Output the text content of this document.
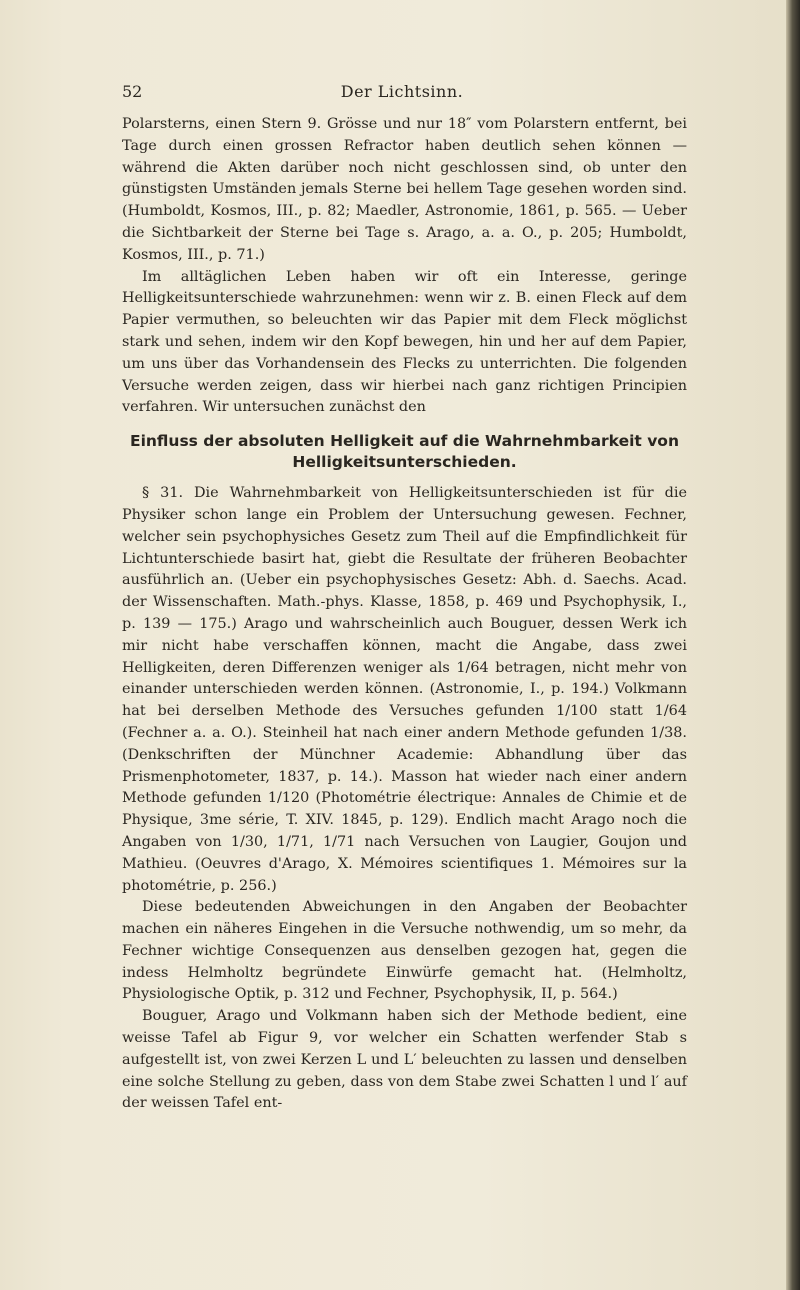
52	Der Lichtsinn.

Polarsterns, einen Stern 9. Grösse und nur 18″ vom Polarstern entfernt, bei Tage durch einen grossen Refractor haben deutlich sehen können — während die Akten darüber noch nicht geschlossen sind, ob unter den günstigsten Umständen jemals Sterne bei hellem Tage gesehen worden sind. (Humboldt, Kosmos, III., p. 82; Maedler, Astronomie, 1861, p. 565. — Ueber die Sichtbarkeit der Sterne bei Tage s. Arago, a. a. O., p. 205; Humboldt, Kosmos, III., p. 71.)

Im alltäglichen Leben haben wir oft ein Interesse, geringe Helligkeitsunterschiede wahrzunehmen: wenn wir z. B. einen Fleck auf dem Papier vermuthen, so beleuchten wir das Papier mit dem Fleck möglichst stark und sehen, indem wir den Kopf bewegen, hin und her auf dem Papier, um uns über das Vorhandensein des Flecks zu unterrichten. Die folgenden Versuche werden zeigen, dass wir hierbei nach ganz richtigen Principien verfahren. Wir untersuchen zunächst den

Einfluss der absoluten Helligkeit auf die Wahrnehmbarkeit von Helligkeitsunterschieden.

§ 31. Die Wahrnehmbarkeit von Helligkeitsunterschieden ist für die Physiker schon lange ein Problem der Untersuchung gewesen. Fechner, welcher sein psychophysiches Gesetz zum Theil auf die Empfindlichkeit für Lichtunterschiede basirt hat, giebt die Resultate der früheren Beobachter ausführlich an. (Ueber ein psychophysisches Gesetz: Abh. d. Saechs. Acad. der Wissenschaften. Math.-phys. Klasse, 1858, p. 469 und Psychophysik, I., p. 139 — 175.) Arago und wahrscheinlich auch Bouguer, dessen Werk ich mir nicht habe verschaffen können, macht die Angabe, dass zwei Helligkeiten, deren Differenzen weniger als 1/64 betragen, nicht mehr von einander unterschieden werden können. (Astronomie, I., p. 194.) Volkmann hat bei derselben Methode des Versuches gefunden 1/100 statt 1/64 (Fechner a. a. O.). Steinheil hat nach einer andern Methode gefunden 1/38. (Denkschriften der Münchner Academie: Abhandlung über das Prismenphotometer, 1837, p. 14.). Masson hat wieder nach einer andern Methode gefunden 1/120 (Photométrie électrique: Annales de Chimie et de Physique, 3me série, T. XIV. 1845, p. 129). Endlich macht Arago noch die Angaben von 1/30, 1/71, 1/71 nach Versuchen von Laugier, Goujon und Mathieu. (Oeuvres d'Arago, X. Mémoires scientifiques 1. Mémoires sur la photométrie, p. 256.)

Diese bedeutenden Abweichungen in den Angaben der Beobachter machen ein näheres Eingehen in die Versuche nothwendig, um so mehr, da Fechner wichtige Consequenzen aus denselben gezogen hat, gegen die indess Helmholtz begründete Einwürfe gemacht hat. (Helmholtz, Physiologische Optik, p. 312 und Fechner, Psychophysik, II, p. 564.)

Bouguer, Arago und Volkmann haben sich der Methode bedient, eine weisse Tafel ab Figur 9, vor welcher ein Schatten werfender Stab s aufgestellt ist, von zwei Kerzen L und L′ beleuchten zu lassen und denselben eine solche Stellung zu geben, dass von dem Stabe zwei Schatten l und l′ auf der weissen Tafel ent-
